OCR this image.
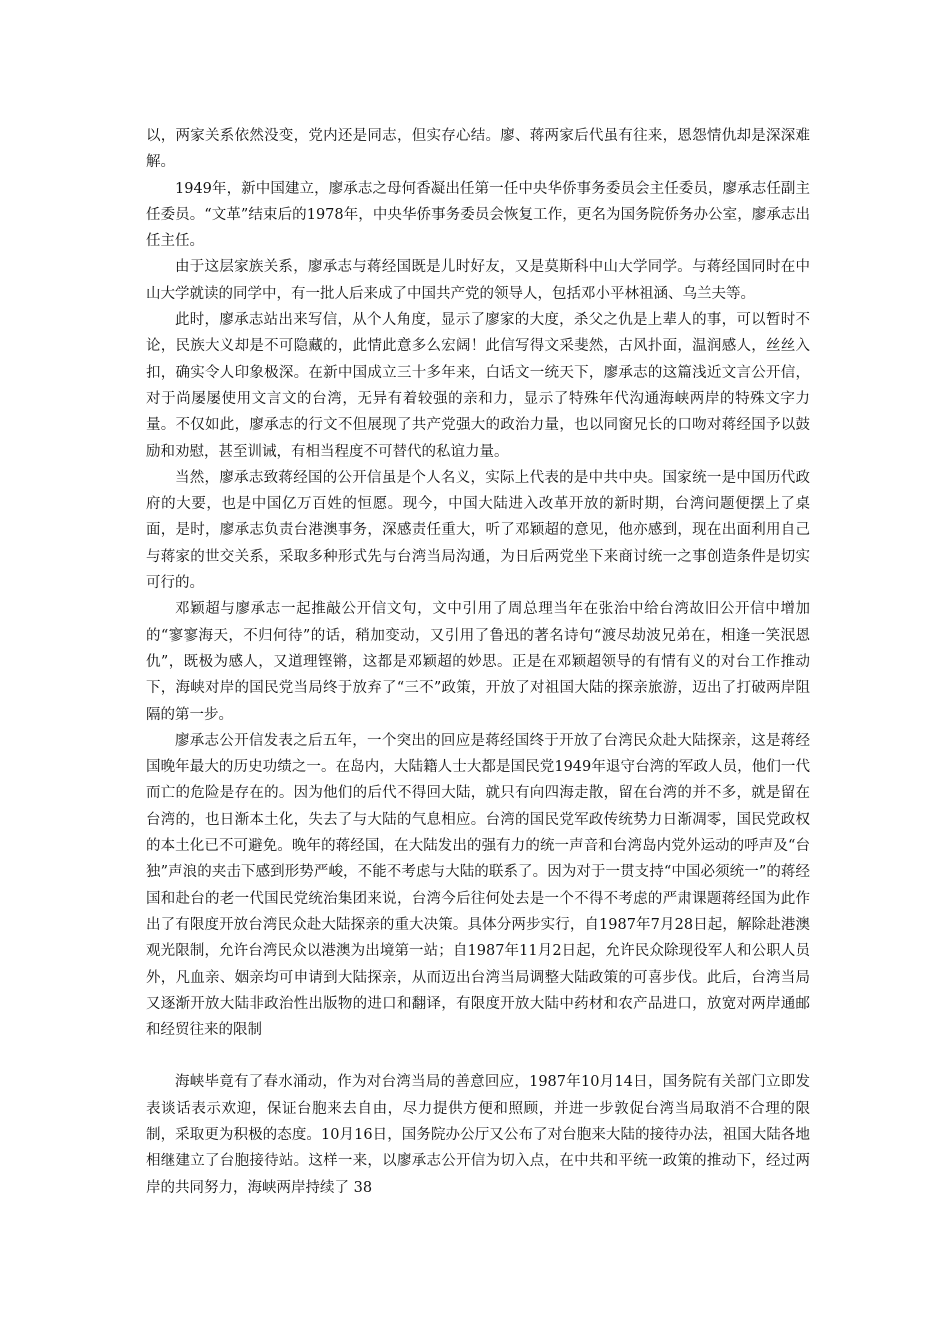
以，两家关系依然没变，党内还是同志，但实存心结。廖、蒋两家后代虽有往来，恩怨情仇却是深深难解。

1949年，新中国建立，廖承志之母何香凝出任第一任中央华侨事务委员会主任委员，廖承志任副主任委员。“文革”结束后的1978年，中央华侨事务委员会恢复工作，更名为国务院侨务办公室，廖承志出任主任。

由于这层家族关系，廖承志与蒋经国既是儿时好友，又是莫斯科中山大学同学。与蒋经国同时在中山大学就读的同学中，有一批人后来成了中国共产党的领导人，包括邓小平林祖涵、乌兰夫等。

此时，廖承志站出来写信，从个人角度，显示了廖家的大度，杀父之仇是上辈人的事，可以暂时不论，民族大义却是不可隐藏的，此情此意多么宏阔！此信写得文采斐然，古风扑面，温润感人，丝丝入扣，确实令人印象极深。在新中国成立三十多年来，白话文一统天下，廖承志的这篇浅近文言公开信，对于尚屡屡使用文言文的台湾，无异有着较强的亲和力，显示了特殊年代沟通海峡两岸的特殊文字力量。不仅如此，廖承志的行文不但展现了共产党强大的政治力量，也以同窗兄长的口吻对蒋经国予以鼓励和劝慰，甚至训诫，有相当程度不可替代的私谊力量。

当然，廖承志致蒋经国的公开信虽是个人名义，实际上代表的是中共中央。国家统一是中国历代政府的大要，也是中国亿万百姓的恒愿。现今，中国大陆进入改革开放的新时期，台湾问题便摆上了桌面，是时，廖承志负责台港澳事务，深感责任重大，听了邓颖超的意见，他亦感到，现在出面利用自己与蒋家的世交关系，采取多种形式先与台湾当局沟通，为日后两党坐下来商讨统一之事创造条件是切实可行的。

邓颖超与廖承志一起推敲公开信文句，文中引用了周总理当年在张治中给台湾故旧公开信中增加的“寥寥海天，不归何待”的话，稍加变动，又引用了鲁迅的著名诗句“渡尽劫波兄弟在，相逢一笑泯恩仇”，既极为感人，又道理铿锵，这都是邓颖超的妙思。正是在邓颖超领导的有情有义的对台工作推动下，海峡对岸的国民党当局终于放弃了“三不”政策，开放了对祖国大陆的探亲旅游，迈出了打破两岸阻隔的第一步。

廖承志公开信发表之后五年，一个突出的回应是蒋经国终于开放了台湾民众赴大陆探亲，这是蒋经国晚年最大的历史功绩之一。在岛内，大陆籍人士大都是国民党1949年退守台湾的军政人员，他们一代而亡的危险是存在的。因为他们的后代不得回大陆，就只有向四海走散，留在台湾的并不多，就是留在台湾的，也日渐本土化，失去了与大陆的气息相应。台湾的国民党军政传统势力日渐凋零，国民党政权的本土化已不可避免。晚年的蒋经国，在大陆发出的强有力的统一声音和台湾岛内党外运动的呼声及“台独”声浪的夹击下感到形势严峻，不能不考虑与大陆的联系了。因为对于一贯支持“中国必须统一”的蒋经国和赴台的老一代国民党统治集团来说，台湾今后往何处去是一个不得不考虑的严肃课题蒋经国为此作出了有限度开放台湾民众赴大陆探亲的重大决策。具体分两步实行，自1987年7月28日起，解除赴港澳观光限制，允许台湾民众以港澳为出境第一站；自1987年11月2日起，允许民众除现役军人和公职人员外，凡血亲、姻亲均可申请到大陆探亲，从而迈出台湾当局调整大陆政策的可喜步伐。此后，台湾当局又逐渐开放大陆非政治性出版物的进口和翻译，有限度开放大陆中药材和农产品进口，放宽对两岸通邮和经贸往来的限制

海峡毕竟有了春水涌动，作为对台湾当局的善意回应，1987年10月14日，国务院有关部门立即发表谈话表示欢迎，保证台胞来去自由，尽力提供方便和照顾，并进一步敦促台湾当局取消不合理的限制，采取更为积极的态度。10月16日，国务院办公厅又公布了对台胞来大陆的接待办法，祖国大陆各地相继建立了台胞接待站。这样一来，以廖承志公开信为切入点，在中共和平统一政策的推动下，经过两岸的共同努力，海峡两岸持续了 38
